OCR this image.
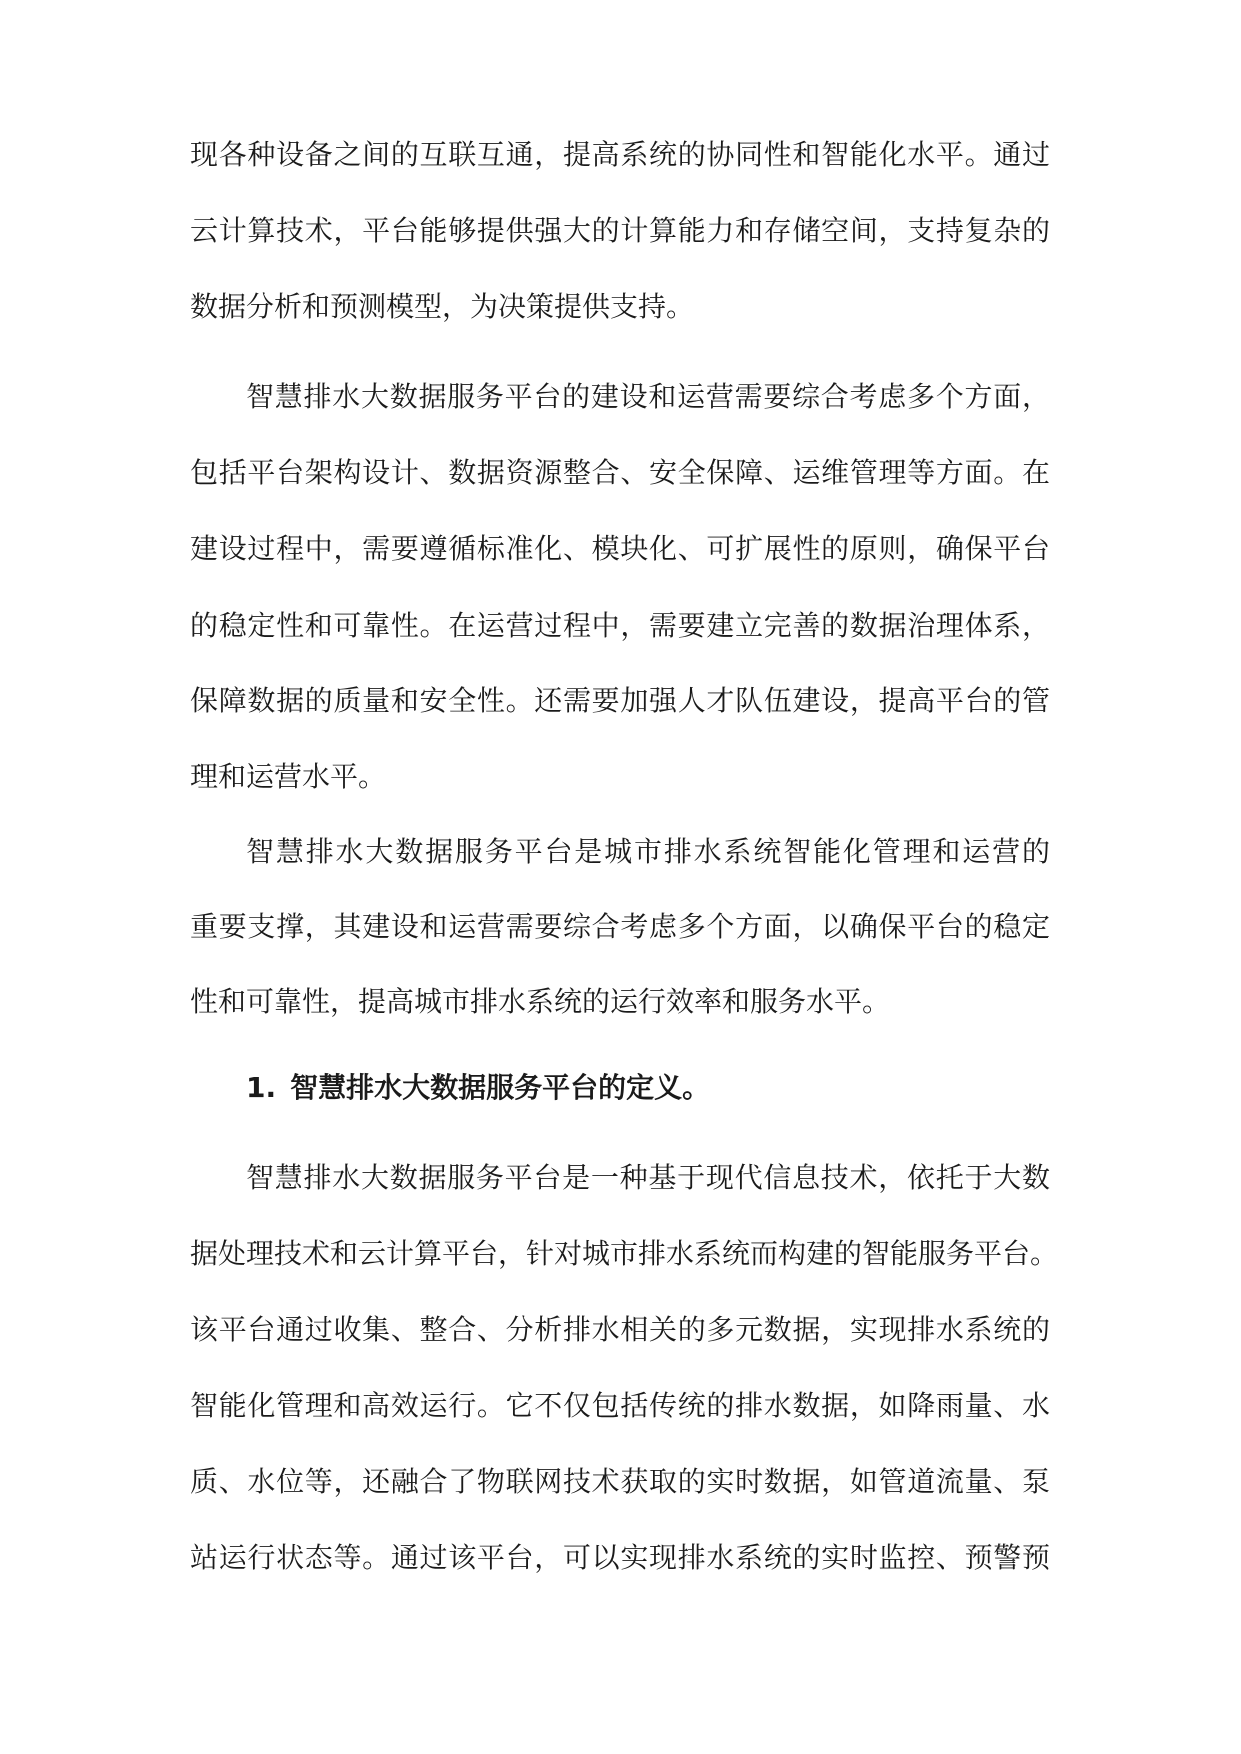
现各种设备之间的互联互通，提高系统的协同性和智能化水平。通过
云计算技术，平台能够提供强大的计算能力和存储空间，支持复杂的
数据分析和预测模型，为决策提供支持。
智慧排水大数据服务平台的建设和运营需要综合考虑多个方面，
包括平台架构设计、数据资源整合、安全保障、运维管理等方面。在
建设过程中，需要遵循标准化、模块化、可扩展性的原则，确保平台
的稳定性和可靠性。在运营过程中，需要建立完善的数据治理体系，
保障数据的质量和安全性。还需要加强人才队伍建设，提高平台的管
理和运营水平。
智慧排水大数据服务平台是城市排水系统智能化管理和运营的
重要支撑，其建设和运营需要综合考虑多个方面，以确保平台的稳定
性和可靠性，提高城市排水系统的运行效率和服务水平。
1. 智慧排水大数据服务平台的定义。
智慧排水大数据服务平台是一种基于现代信息技术，依托于大数
据处理技术和云计算平台，针对城市排水系统而构建的智能服务平台。
该平台通过收集、整合、分析排水相关的多元数据，实现排水系统的
智能化管理和高效运行。它不仅包括传统的排水数据，如降雨量、水
质、水位等，还融合了物联网技术获取的实时数据，如管道流量、泵
站运行状态等。通过该平台，可以实现排水系统的实时监控、预警预
